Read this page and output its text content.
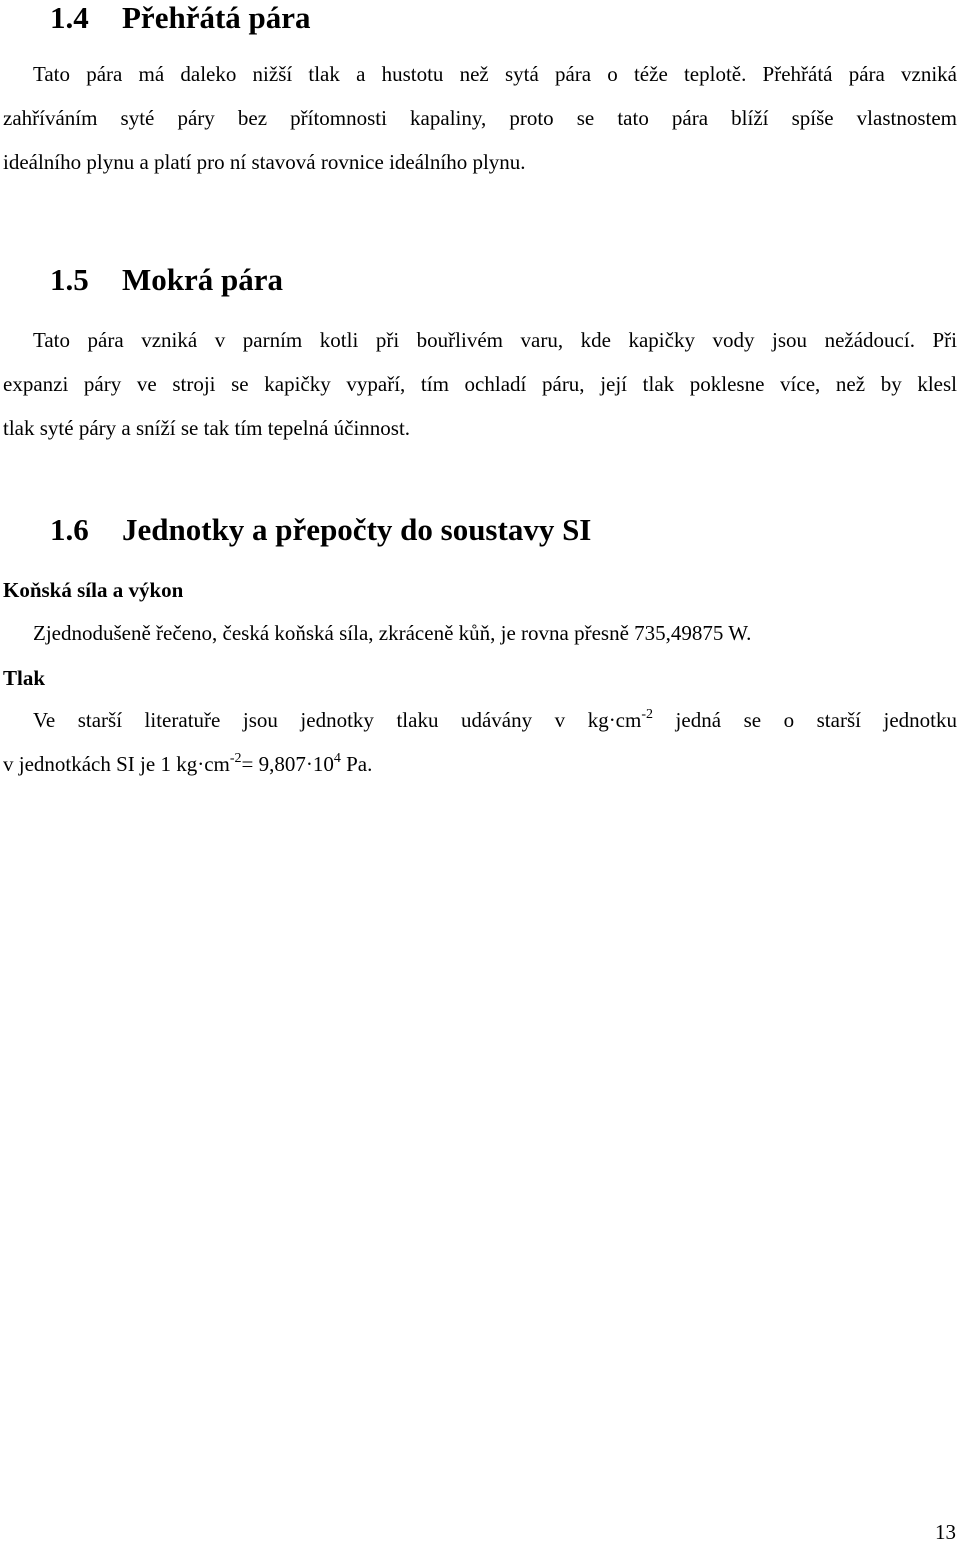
1.4 Přehřátá pára
Tato pára má daleko nižší tlak a hustotu než sytá pára o téže teplotě. Přehřátá pára vzniká
zahříváním syté páry bez přítomnosti kapaliny, proto se tato pára blíží spíše vlastnostem
ideálního plynu a platí pro ní stavová rovnice ideálního plynu.
1.5 Mokrá pára
Tato pára vzniká v parním kotli při bouřlivém varu, kde kapičky vody jsou nežádoucí. Při
expanzi páry ve stroji se kapičky vypaří, tím ochladí páru, její tlak poklesne více, než by klesl
tlak syté páry a sníží se tak tím tepelná účinnost.
1.6 Jednotky a přepočty do soustavy SI
Koňská síla a výkon
Zjednodušeně řečeno, česká koňská síla, zkráceně kůň, je rovna přesně 735,49875 W.
Tlak
Ve starší literatuře jsou jednotky tlaku udávány v $kg\cdot cm^{-2}$ jedná se o starší jednotku
v jednotkách SI je 1 $kg\cdot cm^{-2}= 9,807\cdot 10^4$ Pa.
13
